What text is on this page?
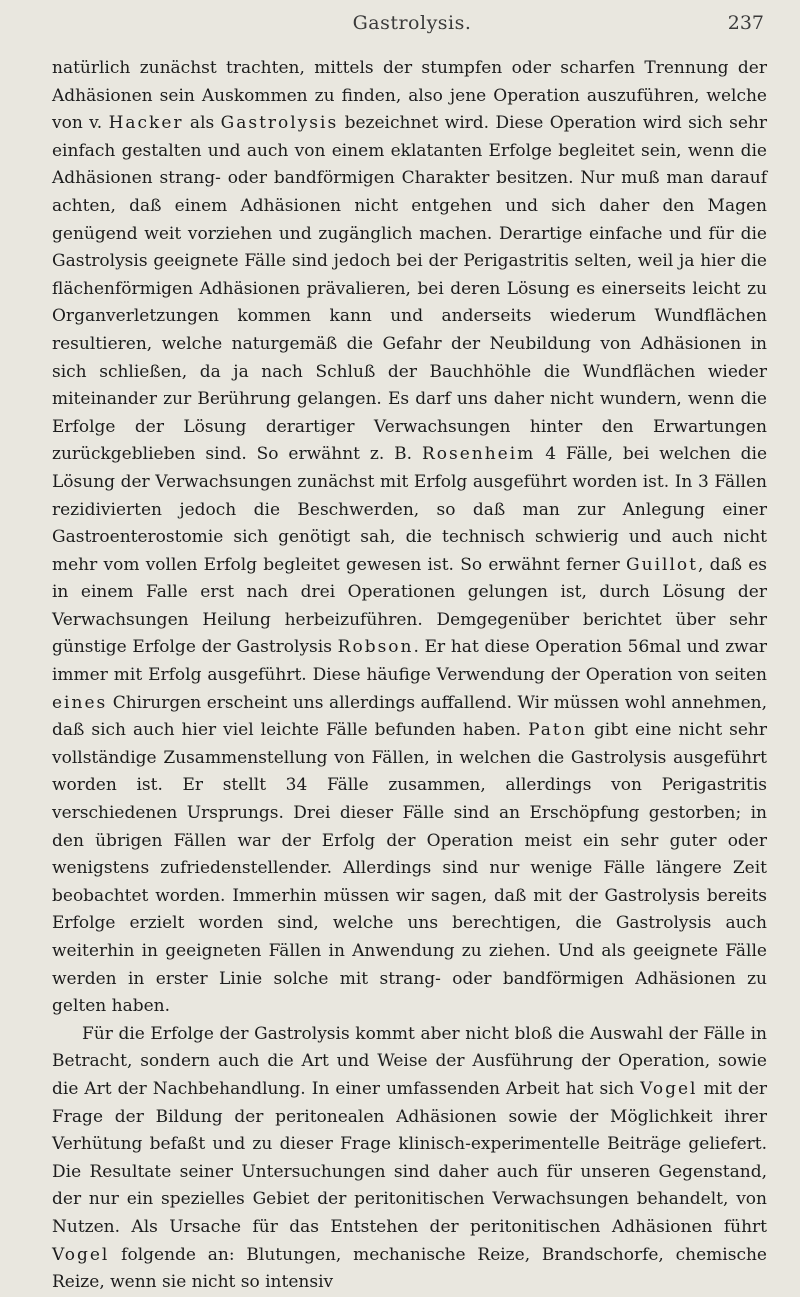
Gastrolysis.	237

natürlich zunächst trachten, mittels der stumpfen oder scharfen Trennung der Adhäsionen sein Auskommen zu finden, also jene Operation auszuführen, welche von v. Hacker als Gastrolysis bezeichnet wird. Diese Operation wird sich sehr einfach gestalten und auch von einem eklatanten Erfolge begleitet sein, wenn die Adhäsionen strang- oder bandförmigen Charakter besitzen. Nur muß man darauf achten, daß einem Adhäsionen nicht entgehen und sich daher den Magen genügend weit vorziehen und zugänglich machen. Derartige einfache und für die Gastrolysis geeignete Fälle sind jedoch bei der Perigastritis selten, weil ja hier die flächenförmigen Adhäsionen prävalieren, bei deren Lösung es einerseits leicht zu Organverletzungen kommen kann und anderseits wiederum Wundflächen resultieren, welche naturgemäß die Gefahr der Neubildung von Adhäsionen in sich schließen, da ja nach Schluß der Bauchhöhle die Wundflächen wieder miteinander zur Berührung gelangen. Es darf uns daher nicht wundern, wenn die Erfolge der Lösung derartiger Verwachsungen hinter den Erwartungen zurückgeblieben sind. So erwähnt z. B. Rosenheim 4 Fälle, bei welchen die Lösung der Verwachsungen zunächst mit Erfolg ausgeführt worden ist. In 3 Fällen rezidivierten jedoch die Beschwerden, so daß man zur Anlegung einer Gastroenterostomie sich genötigt sah, die technisch schwierig und auch nicht mehr vom vollen Erfolg begleitet gewesen ist. So erwähnt ferner Guillot, daß es in einem Falle erst nach drei Operationen gelungen ist, durch Lösung der Verwachsungen Heilung herbeizuführen. Demgegenüber berichtet über sehr günstige Erfolge der Gastrolysis Robson. Er hat diese Operation 56mal und zwar immer mit Erfolg ausgeführt. Diese häufige Verwendung der Operation von seiten eines Chirurgen erscheint uns allerdings auffallend. Wir müssen wohl annehmen, daß sich auch hier viel leichte Fälle befunden haben. Paton gibt eine nicht sehr vollständige Zusammenstellung von Fällen, in welchen die Gastrolysis ausgeführt worden ist. Er stellt 34 Fälle zusammen, allerdings von Perigastritis verschiedenen Ursprungs. Drei dieser Fälle sind an Erschöpfung gestorben; in den übrigen Fällen war der Erfolg der Operation meist ein sehr guter oder wenigstens zufriedenstellender. Allerdings sind nur wenige Fälle längere Zeit beobachtet worden. Immerhin müssen wir sagen, daß mit der Gastrolysis bereits Erfolge erzielt worden sind, welche uns berechtigen, die Gastrolysis auch weiterhin in geeigneten Fällen in Anwendung zu ziehen. Und als geeignete Fälle werden in erster Linie solche mit strang- oder bandförmigen Adhäsionen zu gelten haben.

Für die Erfolge der Gastrolysis kommt aber nicht bloß die Auswahl der Fälle in Betracht, sondern auch die Art und Weise der Ausführung der Operation, sowie die Art der Nachbehandlung. In einer umfassenden Arbeit hat sich Vogel mit der Frage der Bildung der peritonealen Adhäsionen sowie der Möglichkeit ihrer Verhütung befaßt und zu dieser Frage klinisch-experimentelle Beiträge geliefert. Die Resultate seiner Untersuchungen sind daher auch für unseren Gegenstand, der nur ein spezielles Gebiet der peritonitischen Verwachsungen behandelt, von Nutzen. Als Ursache für das Entstehen der peritonitischen Adhäsionen führt Vogel folgende an: Blutungen, mechanische Reize, Brandschorfe, chemische Reize, wenn sie nicht so intensiv
